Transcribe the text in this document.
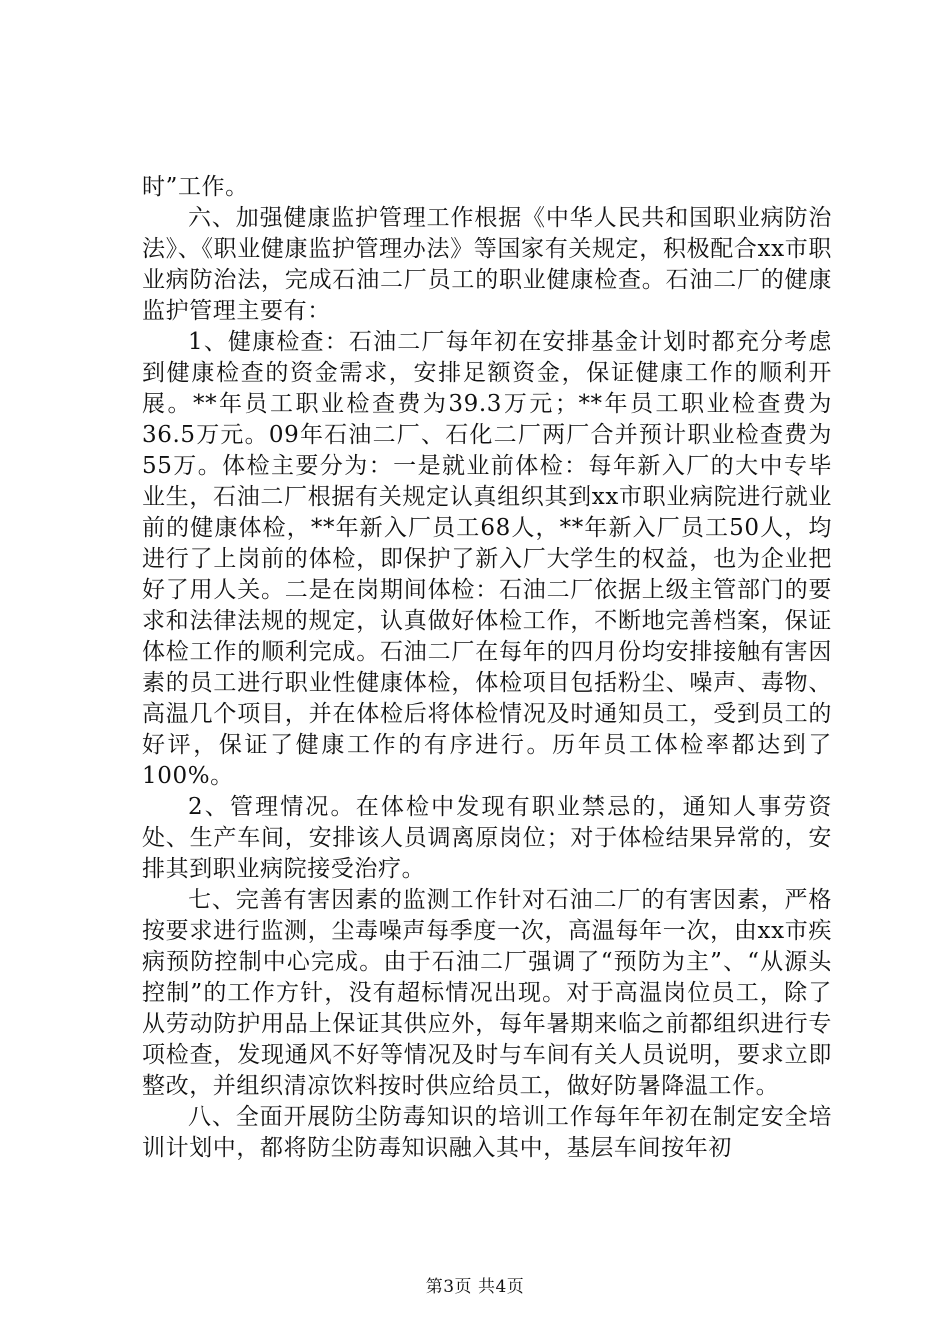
时”工作。

六、加强健康监护管理工作根据《中华人民共和国职业病防治法》、《职业健康监护管理办法》等国家有关规定，积极配合xx市职业病防治法，完成石油二厂员工的职业健康检查。石油二厂的健康监护管理主要有：

1、健康检查：石油二厂每年初在安排基金计划时都充分考虑到健康检查的资金需求，安排足额资金，保证健康工作的顺利开展。**年员工职业检查费为39.3万元；**年员工职业检查费为36.5万元。09年石油二厂、石化二厂两厂合并预计职业检查费为55万。体检主要分为：一是就业前体检：每年新入厂的大中专毕业生，石油二厂根据有关规定认真组织其到xx市职业病院进行就业前的健康体检，**年新入厂员工68人，**年新入厂员工50人，均进行了上岗前的体检，即保护了新入厂大学生的权益，也为企业把好了用人关。二是在岗期间体检：石油二厂依据上级主管部门的要求和法律法规的规定，认真做好体检工作，不断地完善档案，保证体检工作的顺利完成。石油二厂在每年的四月份均安排接触有害因素的员工进行职业性健康体检，体检项目包括粉尘、噪声、毒物、高温几个项目，并在体检后将体检情况及时通知员工，受到员工的好评，保证了健康工作的有序进行。历年员工体检率都达到了100%。

2、管理情况。在体检中发现有职业禁忌的，通知人事劳资处、生产车间，安排该人员调离原岗位；对于体检结果异常的，安排其到职业病院接受治疗。

七、完善有害因素的监测工作针对石油二厂的有害因素，严格按要求进行监测，尘毒噪声每季度一次，高温每年一次，由xx市疾病预防控制中心完成。由于石油二厂强调了“预防为主”、“从源头控制”的工作方针，没有超标情况出现。对于高温岗位员工，除了从劳动防护用品上保证其供应外，每年暑期来临之前都组织进行专项检查，发现通风不好等情况及时与车间有关人员说明，要求立即整改，并组织清凉饮料按时供应给员工，做好防暑降温工作。

八、全面开展防尘防毒知识的培训工作每年年初在制定安全培训计划中，都将防尘防毒知识融入其中，基层车间按年初

第3页 共4页
